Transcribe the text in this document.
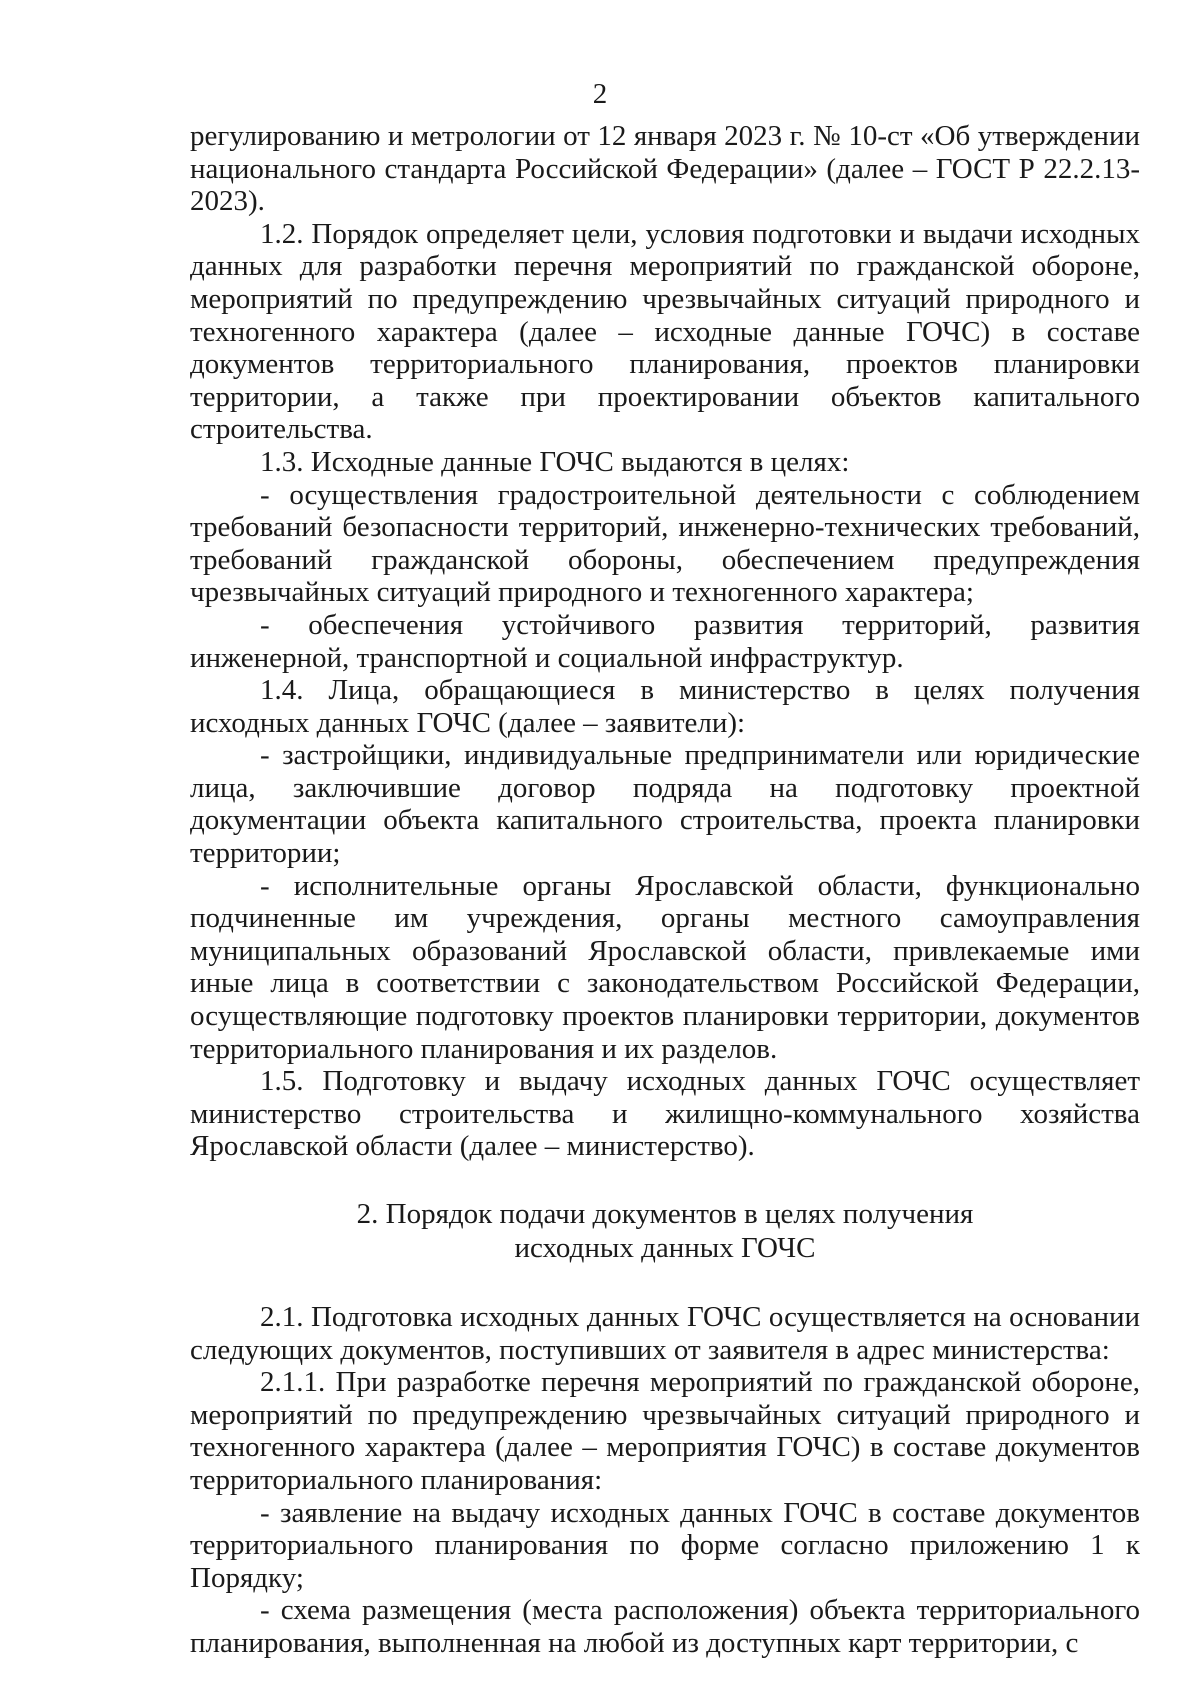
2

регулированию и метрологии от 12 января 2023 г. № 10-ст «Об утверждении национального стандарта Российской Федерации» (далее – ГОСТ Р 22.2.13-2023).

1.2. Порядок определяет цели, условия подготовки и выдачи исходных данных для разработки перечня мероприятий по гражданской обороне, мероприятий по предупреждению чрезвычайных ситуаций природного и техногенного характера (далее – исходные данные ГОЧС) в составе документов территориального планирования, проектов планировки территории, а также при проектировании объектов капитального строительства.

1.3. Исходные данные ГОЧС выдаются в целях:

- осуществления градостроительной деятельности с соблюдением требований безопасности территорий, инженерно-технических требований, требований гражданской обороны, обеспечением предупреждения чрезвычайных ситуаций природного и техногенного характера;

- обеспечения устойчивого развития территорий, развития инженерной, транспортной и социальной инфраструктур.

1.4. Лица, обращающиеся в министерство в целях получения исходных данных ГОЧС (далее – заявители):

- застройщики, индивидуальные предприниматели или юридические лица, заключившие договор подряда на подготовку проектной документации объекта капитального строительства, проекта планировки территории;

- исполнительные органы Ярославской области, функционально подчиненные им учреждения, органы местного самоуправления муниципальных образований Ярославской области, привлекаемые ими иные лица в соответствии с законодательством Российской Федерации, осуществляющие подготовку проектов планировки территории, документов территориального планирования и их разделов.

1.5. Подготовку и выдачу исходных данных ГОЧС осуществляет министерство строительства и жилищно-коммунального хозяйства Ярославской области (далее – министерство).

2. Порядок подачи документов в целях получения
исходных данных ГОЧС

2.1. Подготовка исходных данных ГОЧС осуществляется на основании следующих документов, поступивших от заявителя в адрес министерства:

2.1.1. При разработке перечня мероприятий по гражданской обороне, мероприятий по предупреждению чрезвычайных ситуаций природного и техногенного характера (далее – мероприятия ГОЧС) в составе документов территориального планирования:

- заявление на выдачу исходных данных ГОЧС в составе документов территориального планирования по форме согласно приложению 1 к Порядку;

- схема размещения (места расположения) объекта территориального планирования, выполненная на любой из доступных карт территории, с
